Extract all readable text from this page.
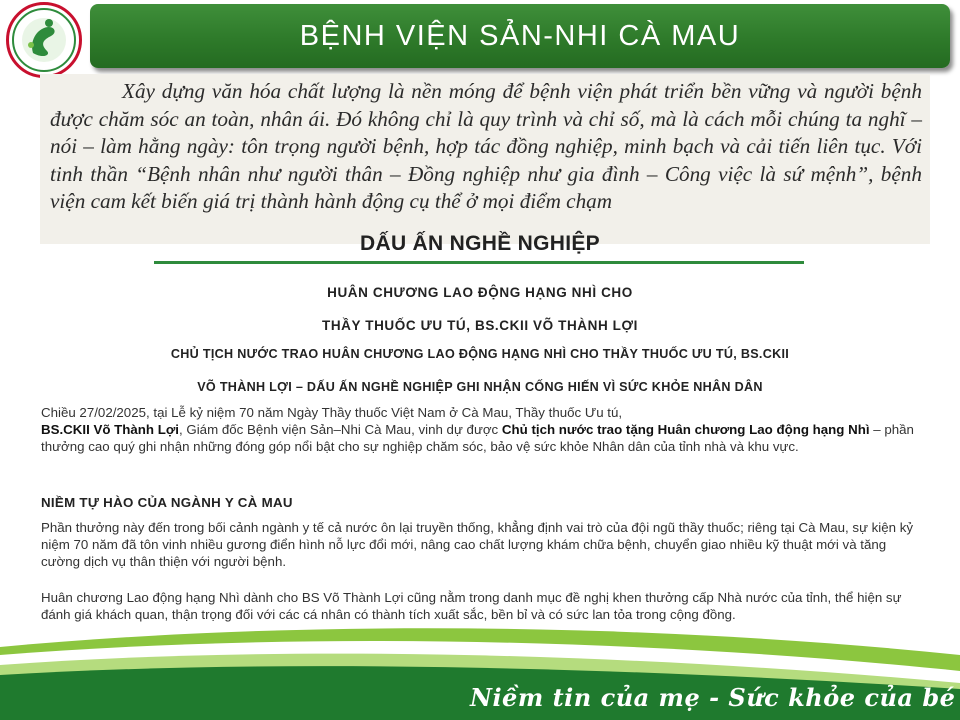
BỆNH VIỆN SẢN-NHI CÀ MAU

Xây dựng văn hóa chất lượng là nền móng để bệnh viện phát triển bền vững và người bệnh được chăm sóc an toàn, nhân ái. Đó không chỉ là quy trình và chỉ số, mà là cách mỗi chúng ta nghĩ – nói – làm hằng ngày: tôn trọng người bệnh, hợp tác đồng nghiệp, minh bạch và cải tiến liên tục. Với tinh thần “Bệnh nhân như người thân – Đồng nghiệp như gia đình – Công việc là sứ mệnh”, bệnh viện cam kết biến giá trị thành hành động cụ thể ở mọi điểm chạm

DẤU ẤN NGHỀ NGHIỆP
HUÂN CHƯƠNG LAO ĐỘNG HẠNG NHÌ CHO
THẦY THUỐC ƯU TÚ, BS.CKII VÕ THÀNH LỢI
CHỦ TỊCH NƯỚC TRAO HUÂN CHƯƠNG LAO ĐỘNG HẠNG NHÌ CHO THẦY THUỐC ƯU TÚ, BS.CKII
VÕ THÀNH LỢI – DẤU ẤN NGHỀ NGHIỆP GHI NHẬN CỐNG HIẾN VÌ SỨC KHỎE NHÂN DÂN
Chiều 27/02/2025, tại Lễ kỷ niệm 70 năm Ngày Thầy thuốc Việt Nam ở Cà Mau, Thầy thuốc Ưu tú,
BS.CKII Võ Thành Lợi, Giám đốc Bệnh viện Sản–Nhi Cà Mau, vinh dự được Chủ tịch nước trao tặng Huân chương Lao động hạng Nhì – phần thưởng cao quý ghi nhận những đóng góp nổi bật cho sự nghiệp chăm sóc, bảo vệ sức khỏe Nhân dân của tỉnh nhà và khu vực.
NIỀM TỰ HÀO CỦA NGÀNH Y CÀ MAU
Phần thưởng này đến trong bối cảnh ngành y tế cả nước ôn lại truyền thống, khẳng định vai trò của đội ngũ thầy thuốc; riêng tại Cà Mau, sự kiện kỷ niệm 70 năm đã tôn vinh nhiều gương điển hình nỗ lực đổi mới, nâng cao chất lượng khám chữa bệnh, chuyển giao nhiều kỹ thuật mới và tăng cường dịch vụ thân thiện với người bệnh.
Huân chương Lao động hạng Nhì dành cho BS Võ Thành Lợi cũng nằm trong danh mục đề nghị khen thưởng cấp Nhà nước của tỉnh, thể hiện sự đánh giá khách quan, thận trọng đối với các cá nhân có thành tích xuất sắc, bền bỉ và có sức lan tỏa trong cộng đồng.
Niềm tin của mẹ - Sức khỏe của bé
